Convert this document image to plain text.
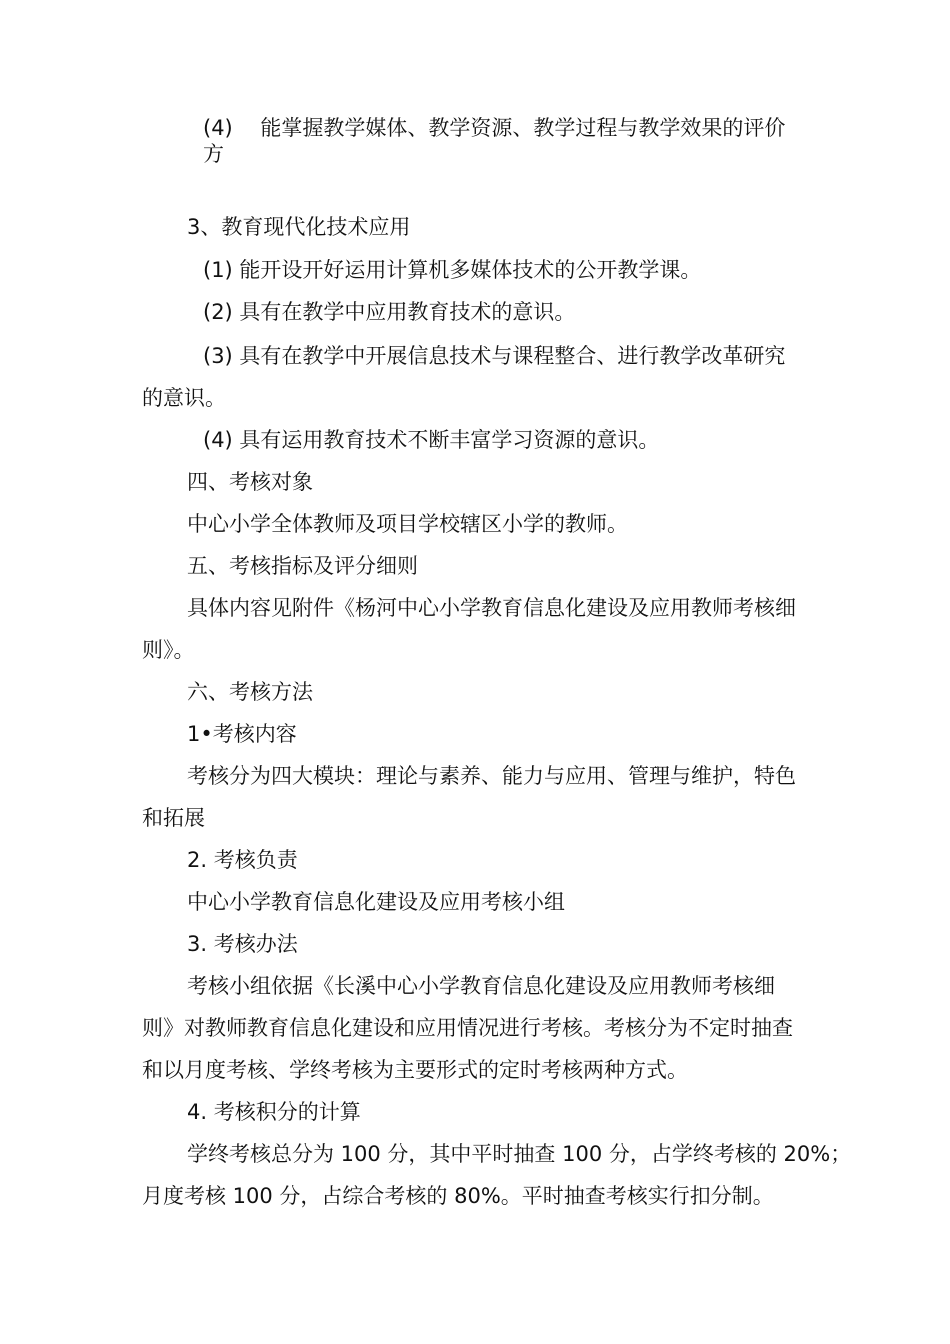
(4)　 能掌握教学媒体、教学资源、教学过程与教学效果的评价

方

3、教育现代化技术应用

(1) 能开设开好运用计算机多媒体技术的公开教学课。

(2) 具有在教学中应用教育技术的意识。

(3) 具有在教学中开展信息技术与课程整合、进行教学改革研究

的意识。

(4) 具有运用教育技术不断丰富学习资源的意识。

四、考核对象

中心小学全体教师及项目学校辖区小学的教师。

五、考核指标及评分细则

具体内容见附件《杨河中心小学教育信息化建设及应用教师考核细

则》。

六、考核方法

1•考核内容

考核分为四大模块：理论与素养、能力与应用、管理与维护，特色

和拓展

2. 考核负责

中心小学教育信息化建设及应用考核小组

3. 考核办法

考核小组依据《长溪中心小学教育信息化建设及应用教师考核细

则》对教师教育信息化建设和应用情况进行考核。考核分为不定时抽查

和以月度考核、学终考核为主要形式的定时考核两种方式。

4. 考核积分的计算

学终考核总分为 100 分，其中平时抽查 100 分，占学终考核的 20%；

月度考核 100 分，占综合考核的 80%。平时抽查考核实行扣分制。
